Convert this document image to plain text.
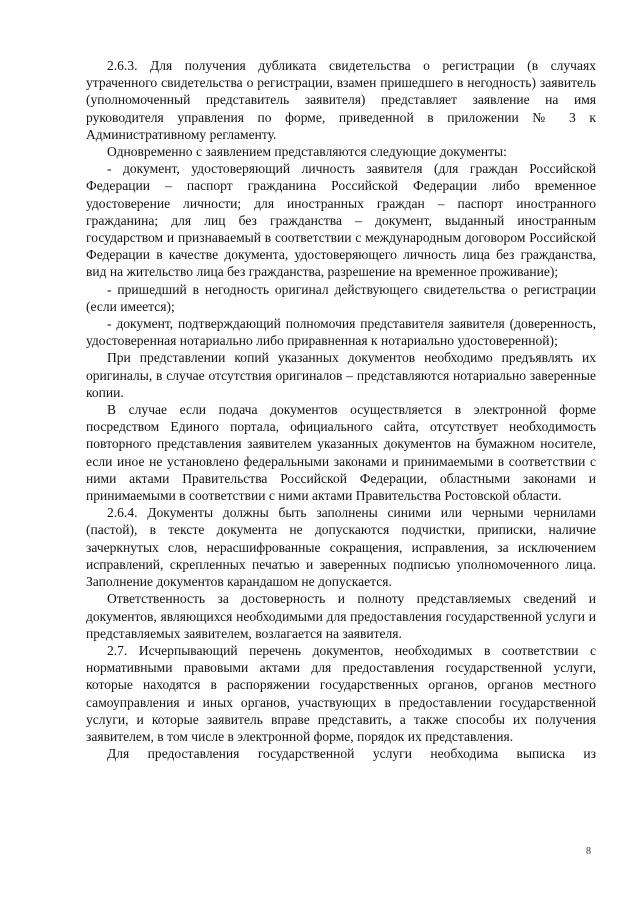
2.6.3. Для получения дубликата свидетельства о регистрации (в случаях утраченного свидетельства о регистрации, взамен пришедшего в негодность) заявитель (уполномоченный представитель заявителя) представляет заявление на имя руководителя управления по форме, приведенной в приложении № 3 к Административному регламенту.

Одновременно с заявлением представляются следующие документы:

- документ, удостоверяющий личность заявителя (для граждан Российской Федерации – паспорт гражданина Российской Федерации либо временное удостоверение личности; для иностранных граждан – паспорт иностранного гражданина; для лиц без гражданства – документ, выданный иностранным государством и признаваемый в соответствии с международным договором Российской Федерации в качестве документа, удостоверяющего личность лица без гражданства, вид на жительство лица без гражданства, разрешение на временное проживание);

- пришедший в негодность оригинал действующего свидетельства о регистрации (если имеется);

- документ, подтверждающий полномочия представителя заявителя (доверенность, удостоверенная нотариально либо приравненная к нотариально удостоверенной);

При представлении копий указанных документов необходимо предъявлять их оригиналы, в случае отсутствия оригиналов – представляются нотариально заверенные копии.

В случае если подача документов осуществляется в электронной форме посредством Единого портала, официального сайта, отсутствует необходимость повторного представления заявителем указанных документов на бумажном носителе, если иное не установлено федеральными законами и принимаемыми в соответствии с ними актами Правительства Российской Федерации, областными законами и принимаемыми в соответствии с ними актами Правительства Ростовской области.

2.6.4. Документы должны быть заполнены синими или черными чернилами (пастой), в тексте документа не допускаются подчистки, приписки, наличие зачеркнутых слов, нерасшифрованные сокращения, исправления, за исключением исправлений, скрепленных печатью и заверенных подписью уполномоченного лица. Заполнение документов карандашом не допускается.

Ответственность за достоверность и полноту представляемых сведений и документов, являющихся необходимыми для предоставления государственной услуги и представляемых заявителем, возлагается на заявителя.

2.7. Исчерпывающий перечень документов, необходимых в соответствии с нормативными правовыми актами для предоставления государственной услуги, которые находятся в распоряжении государственных органов, органов местного самоуправления и иных органов, участвующих в предоставлении государственной услуги, и которые заявитель вправе представить, а также способы их получения заявителем, в том числе в электронной форме, порядок их представления.

Для предоставления государственной услуги необходима выписка из

8
